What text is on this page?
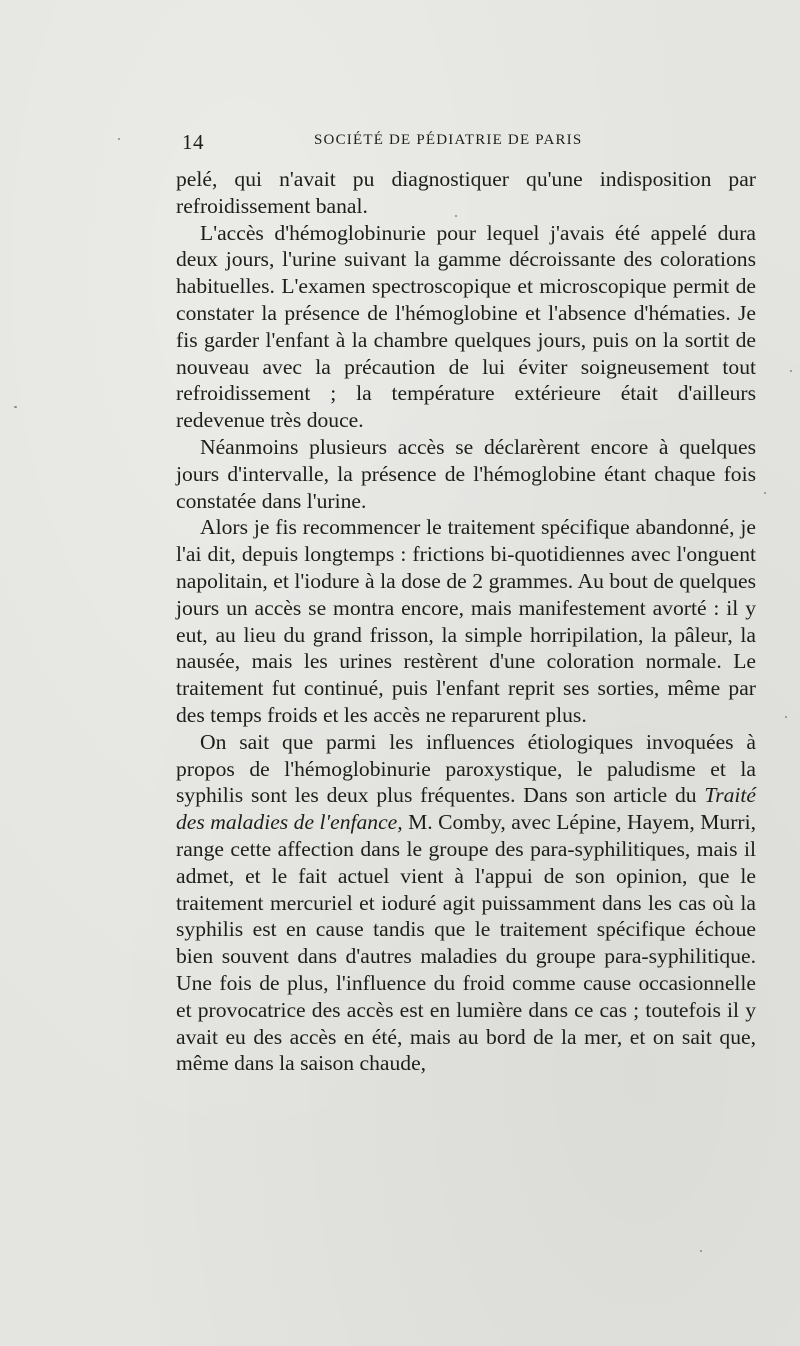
14	SOCIÉTÉ DE PÉDIATRIE DE PARIS

pelé, qui n'avait pu diagnostiquer qu'une indisposition par refroidissement banal.

L'accès d'hémoglobinurie pour lequel j'avais été appelé dura deux jours, l'urine suivant la gamme décroissante des colorations habituelles. L'examen spectroscopique et microscopique permit de constater la présence de l'hémoglobine et l'absence d'hématies. Je fis garder l'enfant à la chambre quelques jours, puis on la sortit de nouveau avec la précaution de lui éviter soigneusement tout refroidissement ; la température extérieure était d'ailleurs redevenue très douce.

Néanmoins plusieurs accès se déclarèrent encore à quelques jours d'intervalle, la présence de l'hémoglobine étant chaque fois constatée dans l'urine.

Alors je fis recommencer le traitement spécifique abandonné, je l'ai dit, depuis longtemps : frictions bi-quotidiennes avec l'onguent napolitain, et l'iodure à la dose de 2 grammes. Au bout de quelques jours un accès se montra encore, mais manifestement avorté : il y eut, au lieu du grand frisson, la simple horripilation, la pâleur, la nausée, mais les urines restèrent d'une coloration normale. Le traitement fut continué, puis l'enfant reprit ses sorties, même par des temps froids et les accès ne reparurent plus.

On sait que parmi les influences étiologiques invoquées à propos de l'hémoglobinurie paroxystique, le paludisme et la syphilis sont les deux plus fréquentes. Dans son article du Traité des maladies de l'enfance, M. Comby, avec Lépine, Hayem, Murri, range cette affection dans le groupe des para-syphilitiques, mais il admet, et le fait actuel vient à l'appui de son opinion, que le traitement mercuriel et ioduré agit puissamment dans les cas où la syphilis est en cause tandis que le traitement spécifique échoue bien souvent dans d'autres maladies du groupe para-syphilitique. Une fois de plus, l'influence du froid comme cause occasionnelle et provocatrice des accès est en lumière dans ce cas ; toutefois il y avait eu des accès en été, mais au bord de la mer, et on sait que, même dans la saison chaude,
